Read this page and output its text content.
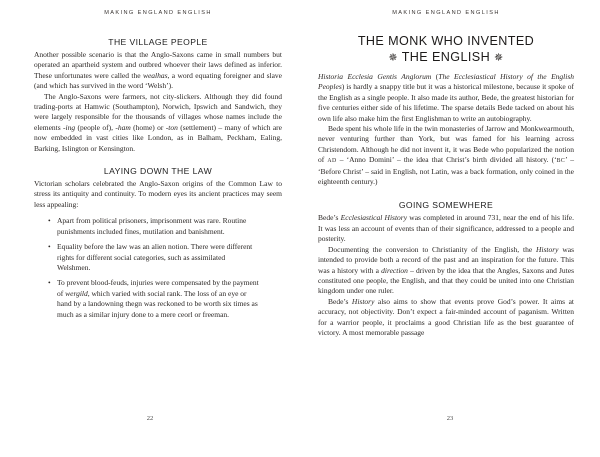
MAKING ENGLAND ENGLISH
THE VILLAGE PEOPLE

Another possible scenario is that the Anglo-Saxons came in small numbers but operated an apartheid system and outbred whoever their laws defined as inferior. These unfortunates were called the wealhas, a word equating foreigner and slave (and which has survived in the word ‘Welsh’).

The Anglo-Saxons were farmers, not city-slickers. Although they did found trading-ports at Hamwic (Southampton), Norwich, Ipswich and Sandwich, they were largely responsible for the thousands of villages whose names include the elements -ing (people of), -ham (home) or -ton (settlement) – many of which are now embedded in vast cities like London, as in Balham, Peckham, Ealing, Barking, Islington or Kensington.

LAYING DOWN THE LAW

Victorian scholars celebrated the Anglo-Saxon origins of the Common Law to stress its antiquity and continuity. To modern eyes its ancient practices may seem less appealing:

• Apart from political prisoners, imprisonment was rare. Routine punishments included fines, mutilation and banishment.
• Equality before the law was an alien notion. There were different rights for different social categories, such as assimilated Welshmen.
• To prevent blood-feuds, injuries were compensated by the payment of wergild, which varied with social rank. The loss of an eye or hand by a landowning thegn was reckoned to be worth six times as much as a similar injury done to a mere ceorl or freeman.
22
MAKING ENGLAND ENGLISH
THE MONK WHO INVENTED
✵ THE ENGLISH ✵

Historia Ecclesia Gentis Anglorum (The Ecclesiastical History of the English Peoples) is hardly a snappy title but it was a historical milestone, because it spoke of the English as a single people. It also made its author, Bede, the greatest historian for five centuries either side of his lifetime. The sparse details Bede tacked on about his own life also make him the first Englishman to write an autobiography.

Bede spent his whole life in the twin monasteries of Jarrow and Monkwearmouth, never venturing further than York, but was famed for his learning across Christendom. Although he did not invent it, it was Bede who popularized the notion of AD – ‘Anno Domini’ – the idea that Christ’s birth divided all history. (‘BC’ – ‘Before Christ’ – said in English, not Latin, was a back formation, only coined in the eighteenth century.)

GOING SOMEWHERE

Bede’s Ecclesiastical History was completed in around 731, near the end of his life. It was less an account of events than of their significance, addressed to a people and posterity.

Documenting the conversion to Christianity of the English, the History was intended to provide both a record of the past and an inspiration for the future. This was a history with a direction – driven by the idea that the Angles, Saxons and Jutes constituted one people, the English, and that they could be united into one Christian kingdom under one ruler.

Bede’s History also aims to show that events prove God’s power. It aims at accuracy, not objectivity. Don’t expect a fair-minded account of paganism. Written for a warrior people, it proclaims a good Christian life as the best guarantee of victory. A most memorable passage

23
